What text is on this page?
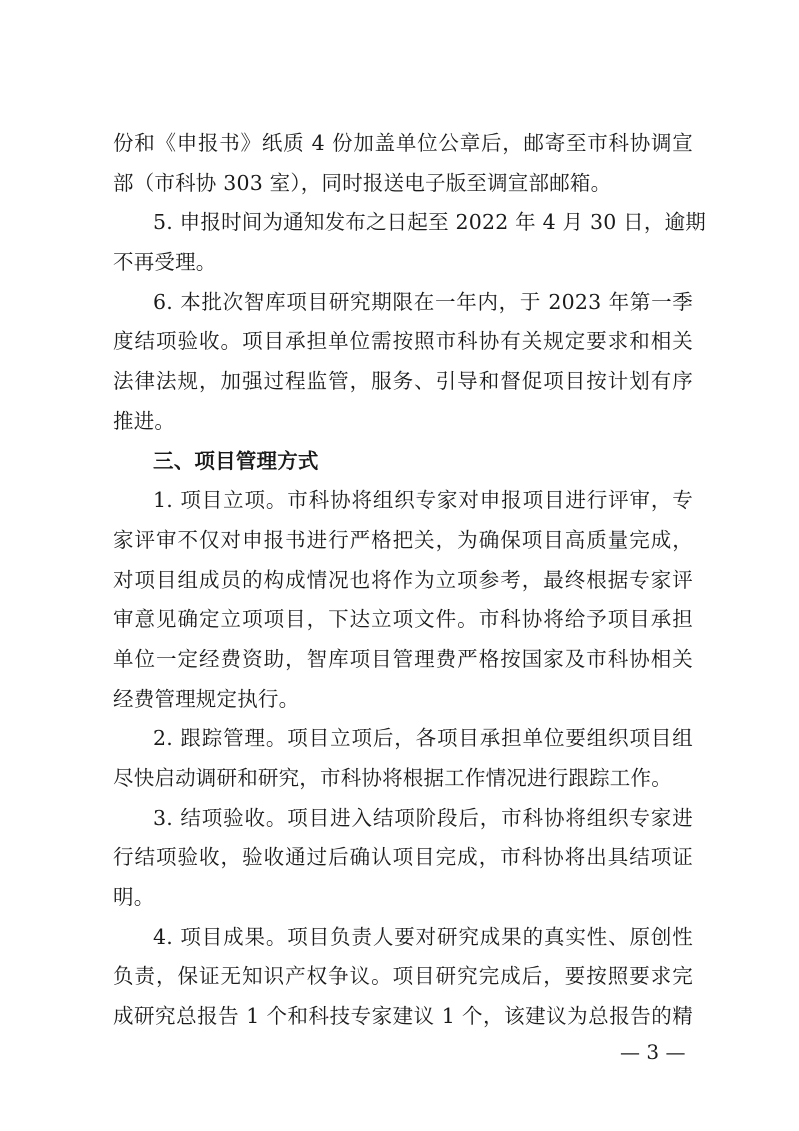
份和《申报书》纸质 4 份加盖单位公章后，邮寄至市科协调宣
部（市科协 303 室），同时报送电子版至调宣部邮箱。
5. 申报时间为通知发布之日起至 2022 年 4 月 30 日，逾期
不再受理。
6. 本批次智库项目研究期限在一年内，于 2023 年第一季
度结项验收。项目承担单位需按照市科协有关规定要求和相关
法律法规，加强过程监管，服务、引导和督促项目按计划有序
推进。
三、项目管理方式
1. 项目立项。市科协将组织专家对申报项目进行评审，专
家评审不仅对申报书进行严格把关，为确保项目高质量完成，
对项目组成员的构成情况也将作为立项参考，最终根据专家评
审意见确定立项项目，下达立项文件。市科协将给予项目承担
单位一定经费资助，智库项目管理费严格按国家及市科协相关
经费管理规定执行。
2. 跟踪管理。项目立项后，各项目承担单位要组织项目组
尽快启动调研和研究，市科协将根据工作情况进行跟踪工作。
3. 结项验收。项目进入结项阶段后，市科协将组织专家进
行结项验收，验收通过后确认项目完成，市科协将出具结项证
明。
4. 项目成果。项目负责人要对研究成果的真实性、原创性
负责，保证无知识产权争议。项目研究完成后，要按照要求完
成研究总报告 1 个和科技专家建议 1 个，该建议为总报告的精
— 3 —
